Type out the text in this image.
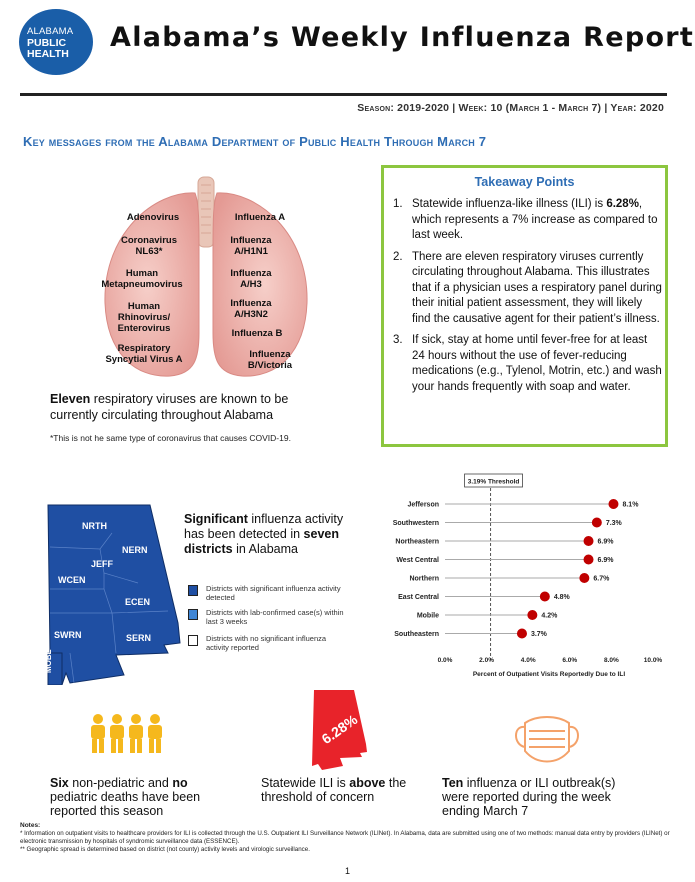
ALABAMA
PUBLIC
HEALTH
Alabama’s Weekly Influenza Report
Season: 2019-2020 | Week: 10 (March 1 - March 7) | Year: 2020
Key messages from the Alabama Department of Public Health Through March 7
Adenovirus
Coronavirus NL63*
Human Metapneumovirus
Human Rhinovirus/ Enterovirus
Respiratory Syncytial Virus A
Influenza A
Influenza A/H1N1
Influenza A/H3
Influenza A/H3N2
Influenza B
Influenza B/Victoria
Eleven respiratory viruses are known to be currently circulating throughout Alabama
*This is not he same type of coronavirus that causes COVID-19.
Takeaway Points
1. Statewide influenza-like illness (ILI) is 6.28%, which represents a 7% increase as compared to last week.
2. There are eleven respiratory viruses currently circulating throughout Alabama. This illustrates that if a physician uses a respiratory panel during their initial patient assessment, they will likely find the causative agent for their patient’s illness.
3. If sick, stay at home until fever-free for at least 24 hours without the use of fever-reducing medications (e.g., Tylenol, Motrin, etc.) and wash your hands frequently with soap and water.
NRTH
NERN
JEFF
WCEN
ECEN
SWRN	SERN
MOBL
Significant influenza activity has been detected in seven districts in Alabama
Districts with significant influenza activity detected
Districts with lab-confirmed case(s) within last 3 weeks
Districts with no significant influenza activity reported
3.19% Threshold
Jefferson	8.1%
Southwestern	7.3%
Northeastern	6.9%
West Central	6.9%
Northern	6.7%
East Central	4.8%
Mobile	4.2%
Southeastern	3.7%
0.0%	2.0%	4.0%	6.0%	8.0%	10.0%
Percent of Outpatient Visits Reportedly Due to ILI
Six non-pediatric and no pediatric deaths have been reported this season
6.28%
Statewide ILI is above the threshold of concern
Ten influenza or ILI outbreak(s) were reported during the week ending March 7
Notes:
* Information on outpatient visits to healthcare providers for ILI is collected through the U.S. Outpatient ILI Surveillance Network (ILINet). In Alabama, data are submitted using one of two methods: manual data entry by providers (ILINet) or electronic transmission by hospitals of syndromic surveillance data (ESSENCE).
** Geographic spread is determined based on district (not county) activity levels and virologic surveillance.
1
